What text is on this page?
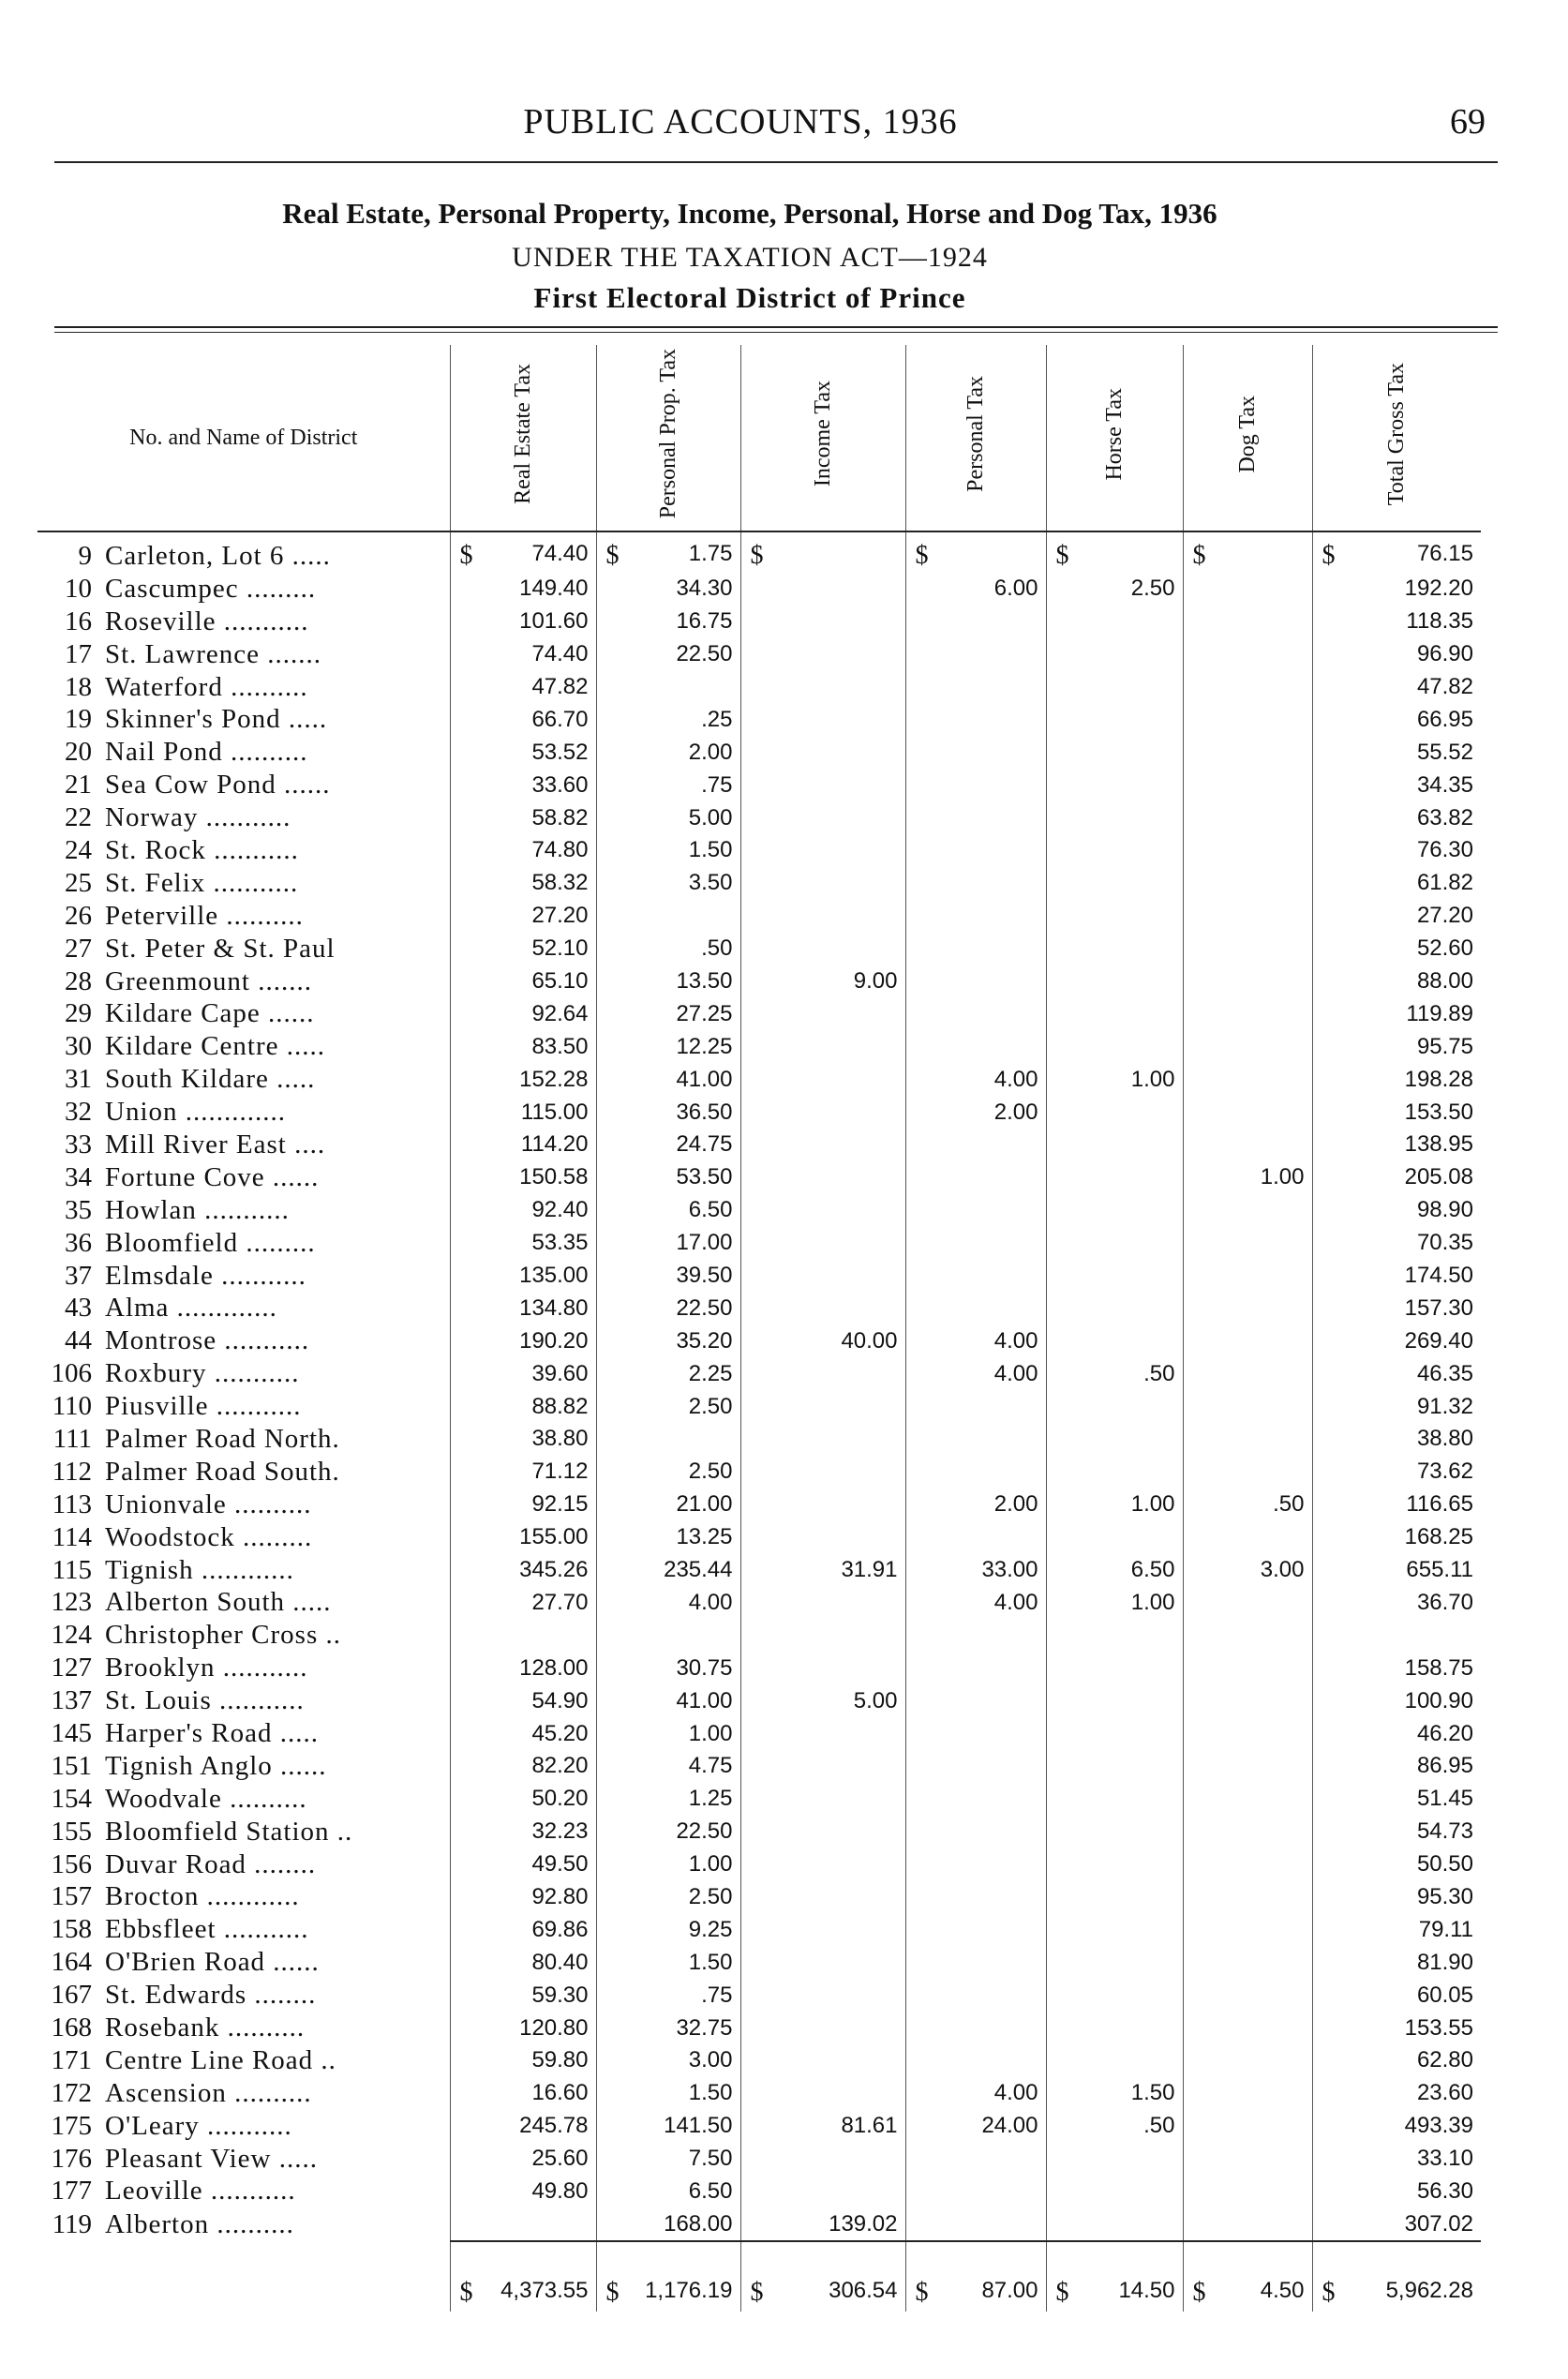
PUBLIC ACCOUNTS, 1936	69
Real Estate, Personal Property, Income, Personal, Horse and Dog Tax, 1936
UNDER THE TAXATION ACT—1924
First Electoral District of Prince
No. and Name of District		Real Estate Tax	Personal Prop. Tax	Income Tax	Personal Tax	Horse Tax	Dog Tax	Total Gross Tax
9	Carleton, Lot 6 .....	$ 74.40	$ 1.75	$	$	$	$	$ 76.15
10	Cascumpec .........	149.40	34.30		6.00	2.50		192.20
16	Roseville ...........	101.60	16.75					118.35
17	St. Lawrence .......	74.40	22.50					96.90
18	Waterford ..........	47.82						47.82
19	Skinner's Pond .....	66.70	.25					66.95
20	Nail Pond ..........	53.52	2.00					55.52
21	Sea Cow Pond ......	33.60	.75					34.35
22	Norway ...........	58.82	5.00					63.82
24	St. Rock ...........	74.80	1.50					76.30
25	St. Felix ...........	58.32	3.50					61.82
26	Peterville ..........	27.20						27.20
27	St. Peter & St. Paul	52.10	.50					52.60
28	Greenmount .......	65.10	13.50	9.00				88.00
29	Kildare Cape ......	92.64	27.25					119.89
30	Kildare Centre .....	83.50	12.25					95.75
31	South Kildare .....	152.28	41.00		4.00	1.00		198.28
32	Union .............	115.00	36.50		2.00			153.50
33	Mill River East ....	114.20	24.75					138.95
34	Fortune Cove ......	150.58	53.50				1.00	205.08
35	Howlan ...........	92.40	6.50					98.90
36	Bloomfield .........	53.35	17.00					70.35
37	Elmsdale ...........	135.00	39.50					174.50
43	Alma .............	134.80	22.50					157.30
44	Montrose ...........	190.20	35.20	40.00	4.00			269.40
106	Roxbury ...........	39.60	2.25		4.00	.50		46.35
110	Piusville ...........	88.82	2.50					91.32
111	Palmer Road North.	38.80						38.80
112	Palmer Road South.	71.12	2.50					73.62
113	Unionvale ..........	92.15	21.00		2.00	1.00	.50	116.65
114	Woodstock .........	155.00	13.25					168.25
115	Tignish ............	345.26	235.44	31.91	33.00	6.50	3.00	655.11
123	Alberton South .....	27.70	4.00		4.00	1.00		36.70
124	Christopher Cross ..							
127	Brooklyn ...........	128.00	30.75					158.75
137	St. Louis ...........	54.90	41.00	5.00				100.90
145	Harper's Road .....	45.20	1.00					46.20
151	Tignish Anglo ......	82.20	4.75					86.95
154	Woodvale ..........	50.20	1.25					51.45
155	Bloomfield Station ..	32.23	22.50					54.73
156	Duvar Road ........	49.50	1.00					50.50
157	Brocton ............	92.80	2.50					95.30
158	Ebbsfleet ...........	69.86	9.25					79.11
164	O'Brien Road ......	80.40	1.50					81.90
167	St. Edwards ........	59.30	.75					60.05
168	Rosebank ..........	120.80	32.75					153.55
171	Centre Line Road ..	59.80	3.00					62.80
172	Ascension ..........	16.60	1.50		4.00	1.50		23.60
175	O'Leary ...........	245.78	141.50	81.61	24.00	.50		493.39
176	Pleasant View .....	25.60	7.50					33.10
177	Leoville ...........	49.80	6.50					56.30
119	Alberton ..........		168.00	139.02				307.02

		$ 4,373.55	$ 1,176.19	$ 306.54	$ 87.00	$ 14.50	$ 4.50	$ 5,962.28
